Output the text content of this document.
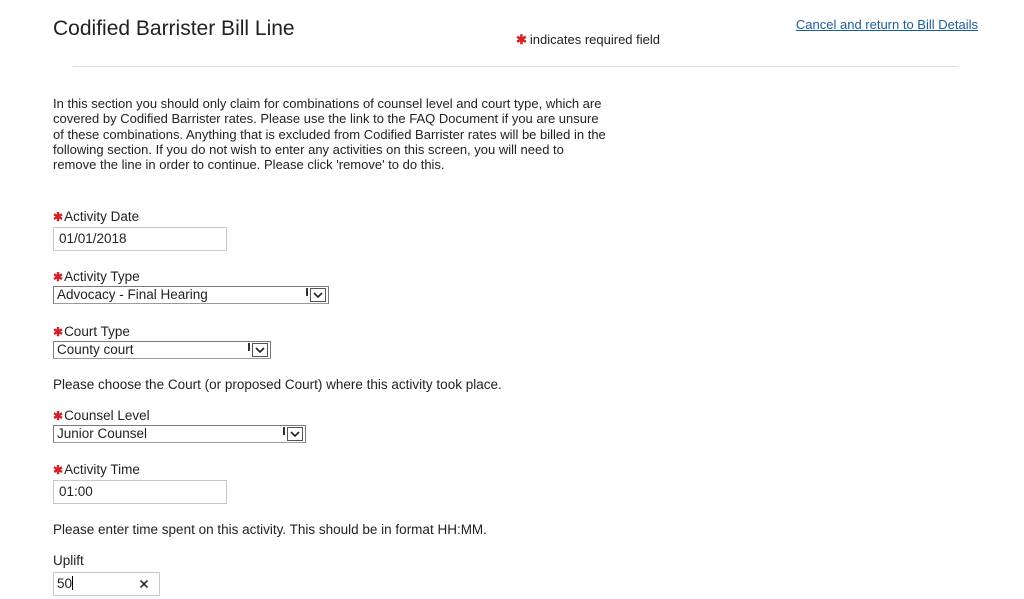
Codified Barrister Bill Line	✱ indicates required field
Cancel and return to Bill Details

In this section you should only claim for combinations of counsel level and court type, which are covered by Codified Barrister rates. Please use the link to the FAQ Document if you are unsure of these combinations. Anything that is excluded from Codified Barrister rates will be billed in the following section. If you do not wish to enter any activities on this screen, you will need to remove the line in order to continue. Please click 'remove' to do this.

✱Activity Date
01/01/2018
✱Activity Type
Advocacy - Final Hearing
✱Court Type
County court
Please choose the Court (or proposed Court) where this activity took place.
✱Counsel Level
Junior Counsel
✱Activity Time
01:00
Please enter time spent on this activity. This should be in format HH:MM.
Uplift
50
